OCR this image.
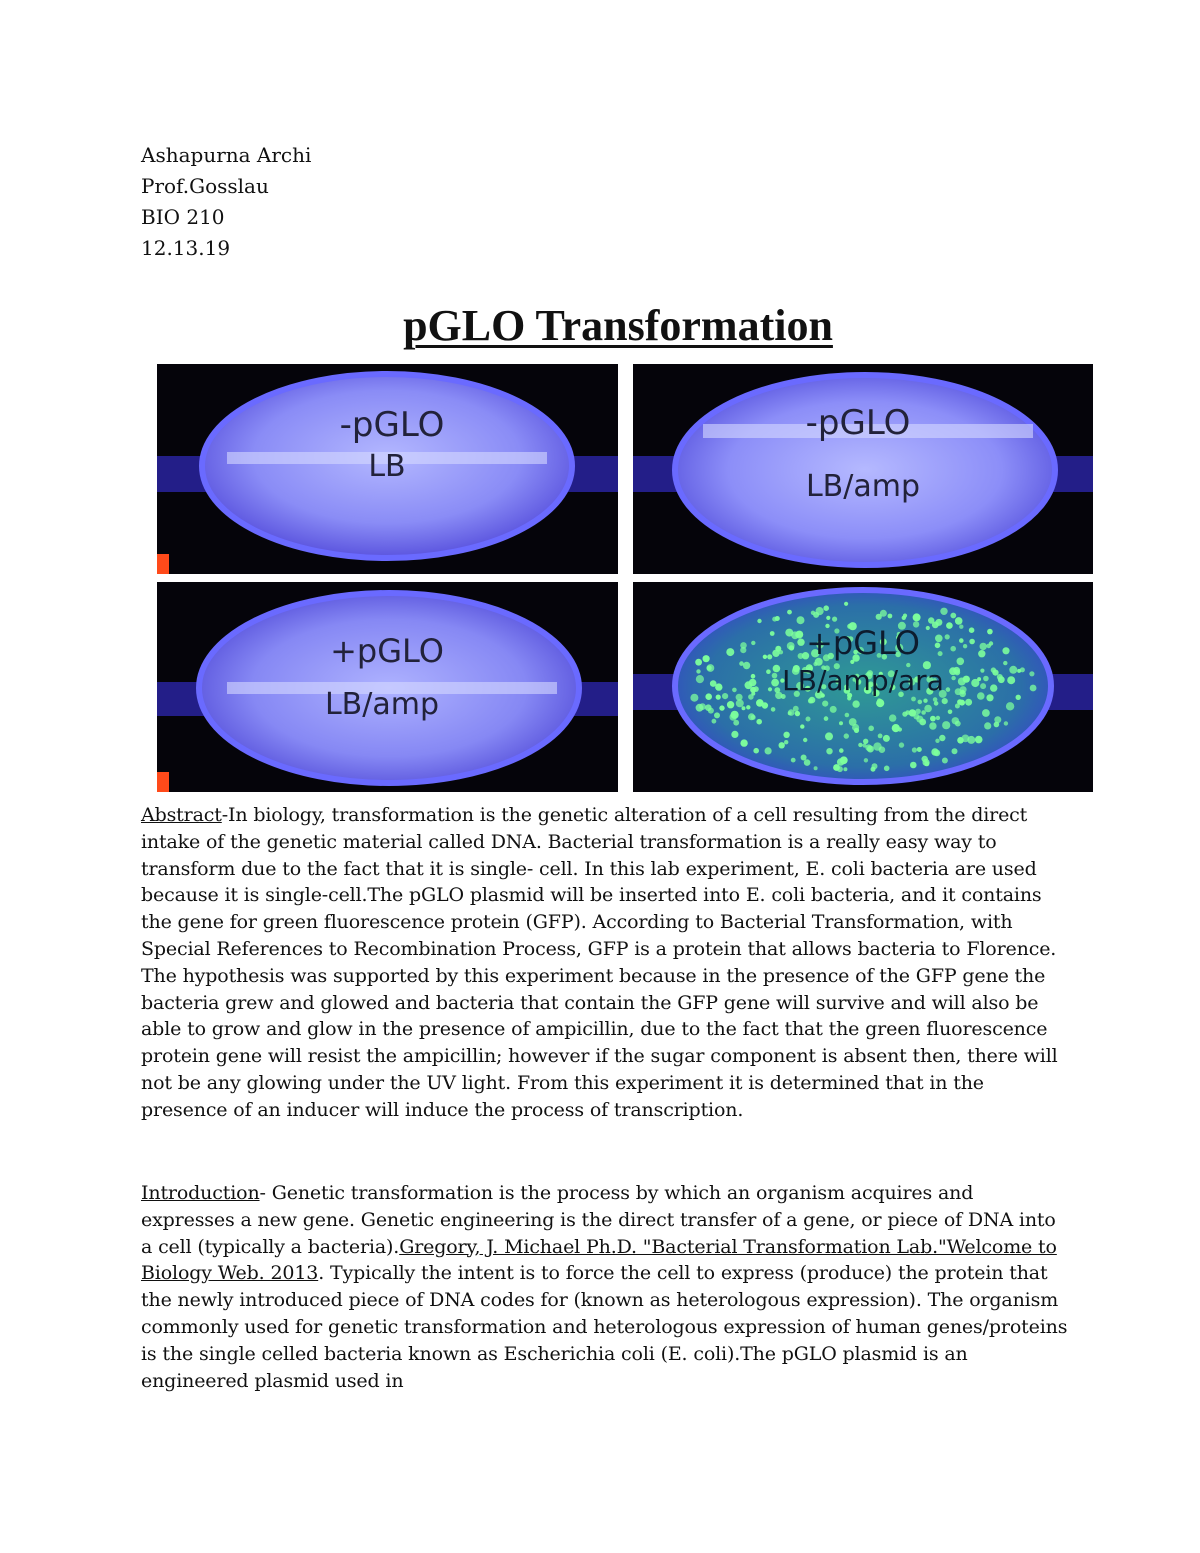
Ashapurna Archi
Prof.Gosslau
BIO 210
12.13.19
pGLO Transformation
-pGLO
LB
-pGLO
LB/amp
+pGLO
LB/amp
+pGLO
LB/amp/ara
Abstract-In biology, transformation is the genetic alteration of a cell resulting from the direct intake of the genetic material called DNA. Bacterial transformation is a really easy way to transform due to the fact that it is single- cell. In this lab experiment, E. coli bacteria are used because it is single-cell.The pGLO plasmid will be inserted into E. coli bacteria, and it contains the gene for green fluorescence protein (GFP). According to Bacterial Transformation, with Special References to Recombination Process, GFP is a protein that allows bacteria to Florence. The hypothesis was supported by this experiment because in the presence of the GFP gene the bacteria grew and glowed and bacteria that contain the GFP gene will survive and will also be able to grow and glow in the presence of ampicillin, due to the fact that the green fluorescence protein gene will resist the ampicillin; however if the sugar component is absent then, there will not be any glowing under the UV light. From this experiment it is determined that in the presence of an inducer will induce the process of transcription.
Introduction- Genetic transformation is the process by which an organism acquires and expresses a new gene. Genetic engineering is the direct transfer of a gene, or piece of DNA into a cell (typically a bacteria).Gregory, J. Michael Ph.D. "Bacterial Transformation Lab."Welcome to Biology Web. 2013. Typically the intent is to force the cell to express (produce) the protein that the newly introduced piece of DNA codes for (known as heterologous expression). The organism commonly used for genetic transformation and heterologous expression of human genes/proteins is the single celled bacteria known as Escherichia coli (E. coli).The pGLO plasmid is an engineered plasmid used in
